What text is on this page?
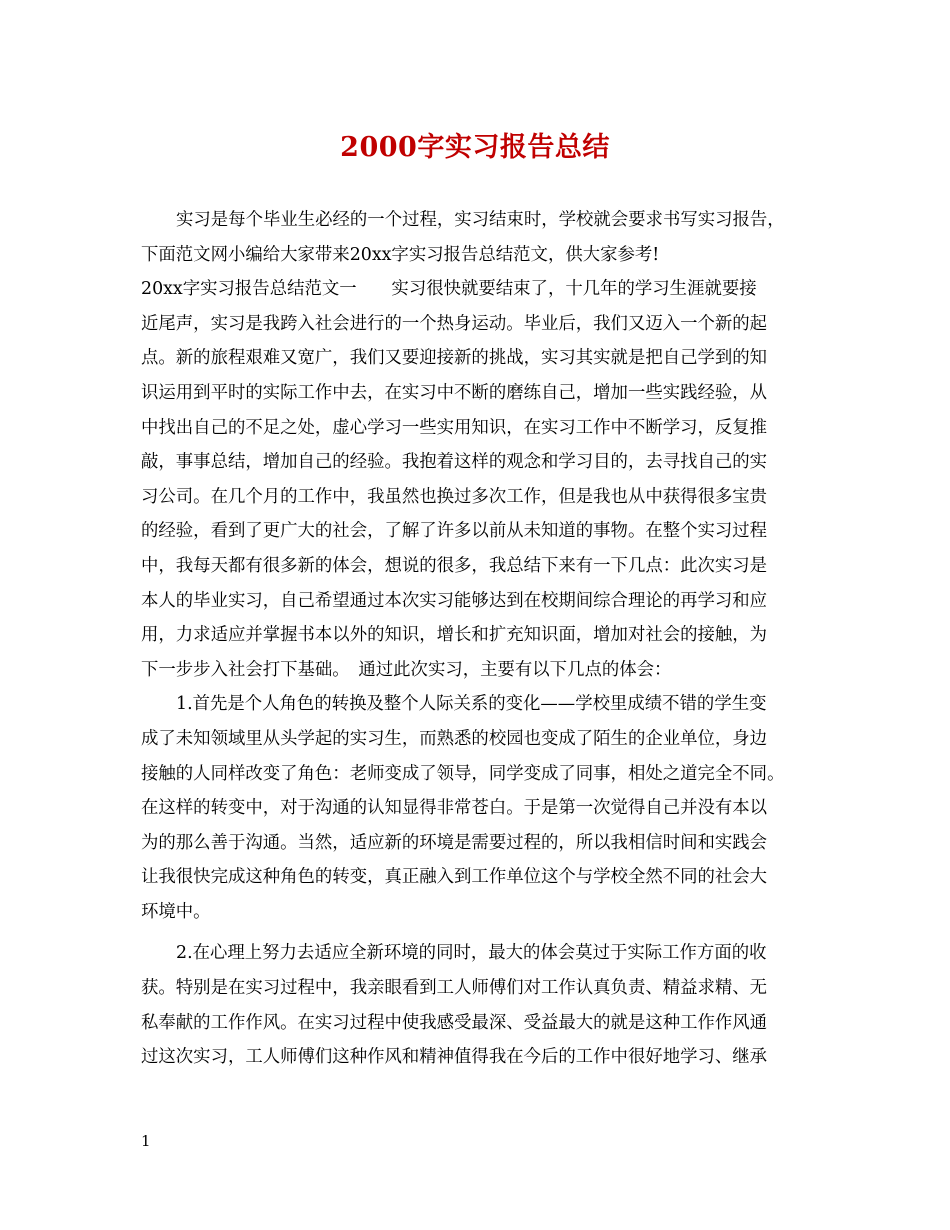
2000字实习报告总结
实习是每个毕业生必经的一个过程，实习结束时，学校就会要求书写实习报告，
下面范文网小编给大家带来20xx字实习报告总结范文，供大家参考!
20xx字实习报告总结范文一　　实习很快就要结束了，十几年的学习生涯就要接
近尾声，实习是我跨入社会进行的一个热身运动。毕业后，我们又迈入一个新的起
点。新的旅程艰难又宽广，我们又要迎接新的挑战，实习其实就是把自己学到的知
识运用到平时的实际工作中去，在实习中不断的磨练自己，增加一些实践经验，从
中找出自己的不足之处，虚心学习一些实用知识，在实习工作中不断学习，反复推
敲，事事总结，增加自己的经验。我抱着这样的观念和学习目的，去寻找自己的实
习公司。在几个月的工作中，我虽然也换过多次工作，但是我也从中获得很多宝贵
的经验，看到了更广大的社会，了解了许多以前从未知道的事物。在整个实习过程
中，我每天都有很多新的体会，想说的很多，我总结下来有一下几点：此次实习是
本人的毕业实习，自己希望通过本次实习能够达到在校期间综合理论的再学习和应
用，力求适应并掌握书本以外的知识，增长和扩充知识面，增加对社会的接触，为
下一步步入社会打下基础。　通过此次实习，主要有以下几点的体会：
1.首先是个人角色的转换及整个人际关系的变化——学校里成绩不错的学生变
成了未知领域里从头学起的实习生，而熟悉的校园也变成了陌生的企业单位，身边
接触的人同样改变了角色：老师变成了领导，同学变成了同事，相处之道完全不同。
在这样的转变中，对于沟通的认知显得非常苍白。于是第一次觉得自己并没有本以
为的那么善于沟通。当然，适应新的环境是需要过程的，所以我相信时间和实践会
让我很快完成这种角色的转变，真正融入到工作单位这个与学校全然不同的社会大
环境中。
2.在心理上努力去适应全新环境的同时，最大的体会莫过于实际工作方面的收
获。特别是在实习过程中，我亲眼看到工人师傅们对工作认真负责、精益求精、无
私奉献的工作作风。在实习过程中使我感受最深、受益最大的就是这种工作作风通
过这次实习，工人师傅们这种作风和精神值得我在今后的工作中很好地学习、继承
1
